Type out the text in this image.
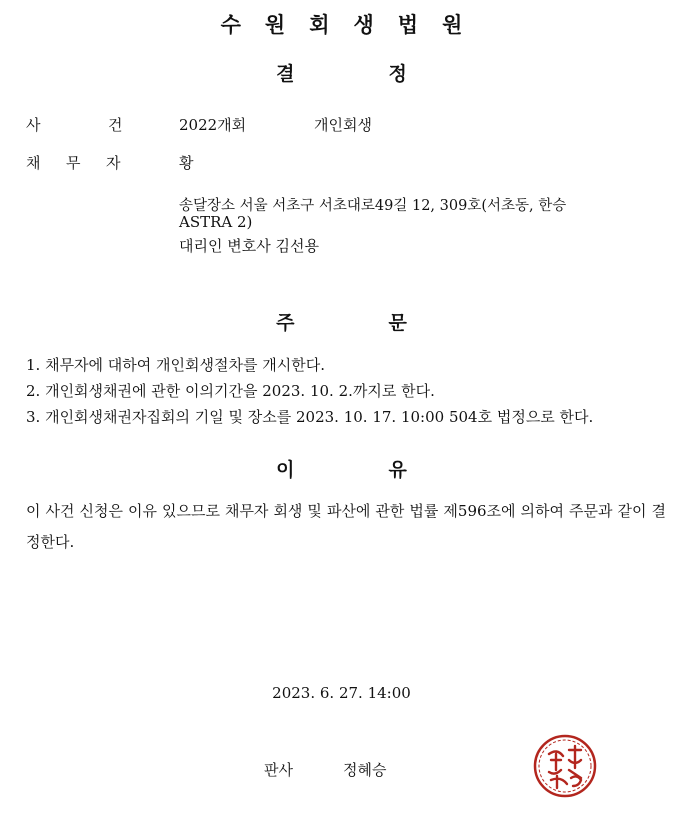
수 원 회 생 법 원
결	정
사	건	2022개회	개인회생
채 무 자	황
송달장소 서울 서초구 서초대로49길 12, 309호(서초동, 한승
ASTRA 2)
대리인 변호사 김선용
주	문
1. 채무자에 대하여 개인회생절차를 개시한다.
2. 개인회생채권에 관한 이의기간을 2023. 10. 2.까지로 한다.
3. 개인회생채권자집회의 기일 및 장소를 2023. 10. 17. 10:00 504호 법정으로 한다.
이	유
이 사건 신청은 이유 있으므로 채무자 회생 및 파산에 관한 법률 제596조에 의하여 주문과 같이 결정한다.
2023. 6. 27. 14:00
판사	정혜승
